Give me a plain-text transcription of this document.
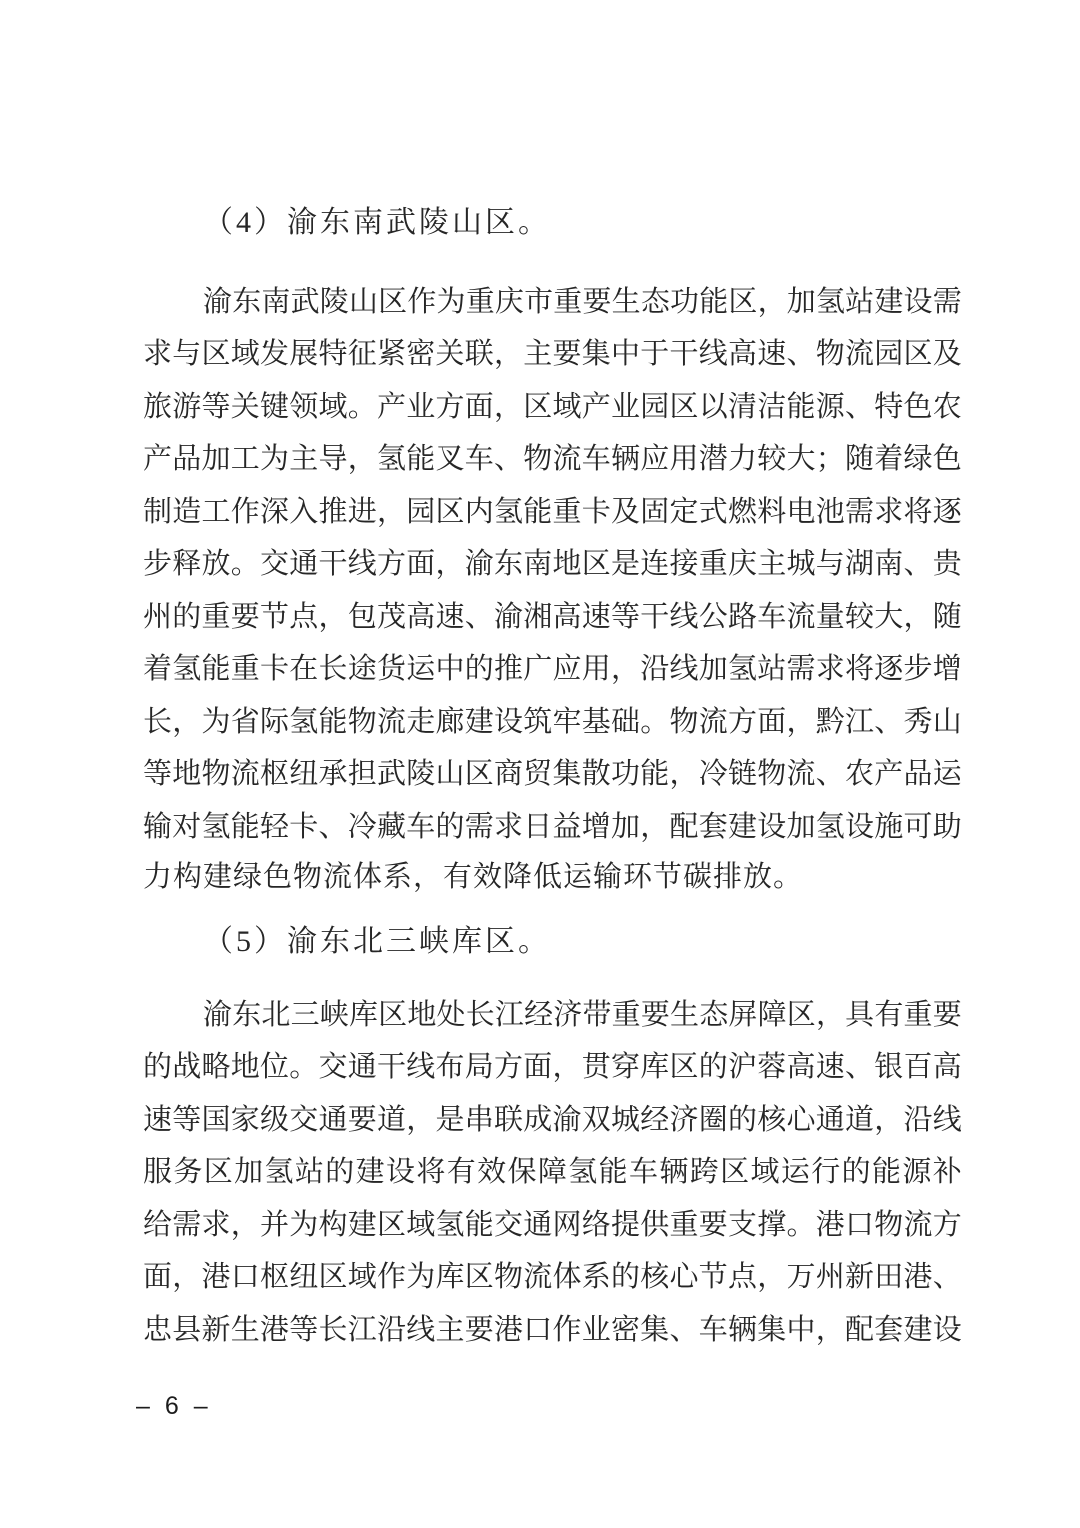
（4）渝东南武陵山区。
渝 东 南 武 陵 山 区 作 为 重 庆 市 重 要 生 态 功 能 区 ， 加 氢 站 建 设 需
求 与 区 域 发 展 特 征 紧 密 关 联 ， 主 要 集 中 于 干 线 高 速 、 物 流 园 区 及
旅 游 等 关 键 领 域 。 产 业 方 面 ， 区 域 产 业 园 区 以 清 洁 能 源 、 特 色 农
产 品 加 工 为 主 导 ， 氢 能 叉 车 、 物 流 车 辆 应 用 潜 力 较 大 ； 随 着 绿 色
制 造 工 作 深 入 推 进 ， 园 区 内 氢 能 重 卡 及 固 定 式 燃 料 电 池 需 求 将 逐
步 释 放 。 交 通 干 线 方 面 ， 渝 东 南 地 区 是 连 接 重 庆 主 城 与 湖 南 、 贵
州 的 重 要 节 点 ， 包 茂 高 速 、 渝 湘 高 速 等 干 线 公 路 车 流 量 较 大 ， 随
着 氢 能 重 卡 在 长 途 货 运 中 的 推 广 应 用 ， 沿 线 加 氢 站 需 求 将 逐 步 增
长 ， 为 省 际 氢 能 物 流 走 廊 建 设 筑 牢 基 础 。 物 流 方 面 ， 黔 江 、 秀 山
等 地 物 流 枢 纽 承 担 武 陵 山 区 商 贸 集 散 功 能 ， 冷 链 物 流 、 农 产 品 运
输 对 氢 能 轻 卡 、 冷 藏 车 的 需 求 日 益 增 加 ， 配 套 建 设 加 氢 设 施 可 助
力构建绿色物流体系，有效降低运输环节碳排放。
（5）渝东北三峡库区。
渝 东 北 三 峡 库 区 地 处 长 江 经 济 带 重 要 生 态 屏 障 区 ， 具 有 重 要
的 战 略 地 位 。 交 通 干 线 布 局 方 面 ， 贯 穿 库 区 的 沪 蓉 高 速 、 银 百 高
速 等 国 家 级 交 通 要 道 ， 是 串 联 成 渝 双 城 经 济 圈 的 核 心 通 道 ， 沿 线
服 务 区 加 氢 站 的 建 设 将 有 效 保 障 氢 能 车 辆 跨 区 域 运 行 的 能 源 补
给 需 求 ， 并 为 构 建 区 域 氢 能 交 通 网 络 提 供 重 要 支 撑 。 港 口 物 流 方
面 ， 港 口 枢 纽 区 域 作 为 库 区 物 流 体 系 的 核 心 节 点 ， 万 州 新 田 港 、
忠 县 新 生 港 等 长 江 沿 线 主 要 港 口 作 业 密 集 、 车 辆 集 中 ， 配 套 建 设
– 6 –
